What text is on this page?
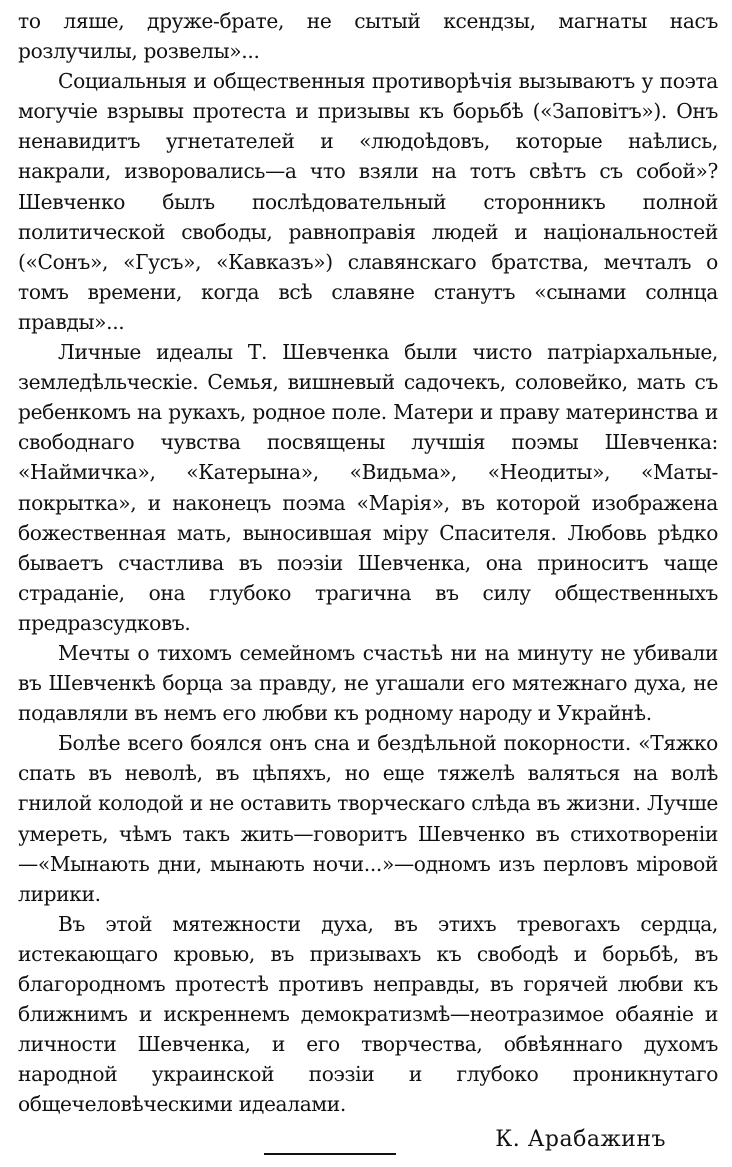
то ляше, друже-брате, не сытый ксендзы, магнаты насъ розлучилы, розвелы»...

Социальныя и общественныя противорѣчія вызываютъ у поэта могучіе взрывы протеста и призывы къ борьбѣ («Заповітъ»). Онъ ненавидитъ угнетателей и «людоѣдовъ, которые наѣлись, накрали, изворовались—а что взяли на тотъ свѣтъ съ собой»? Шевченко былъ послѣдовательный сторонникъ полной политической свободы, равноправія людей и національностей («Сонъ», «Гусъ», «Кавказъ») славянскаго братства, мечталъ о томъ времени, когда всѣ славяне станутъ «сынами солнца правды»...

Личные идеалы Т. Шевченка были чисто патріархальные, земледѣльческіе. Семья, вишневый садочекъ, соловейко, мать съ ребенкомъ на рукахъ, родное поле. Матери и праву материнства и свободнаго чувства посвящены лучшія поэмы Шевченка: «Наймичка», «Катерына», «Видьма», «Неодиты», «Маты-покрытка», и наконецъ поэма «Марія», въ которой изображена божественная мать, выносившая міру Спасителя. Любовь рѣдко бываетъ счастлива въ поэзіи Шевченка, она приноситъ чаще страданіе, она глубоко трагична въ силу общественныхъ предразсудковъ.

Мечты о тихомъ семейномъ счастьѣ ни на минуту не убивали въ Шевченкѣ борца за правду, не угашали его мятежнаго духа, не подавляли въ немъ его любви къ родному народу и Украйнѣ.

Болѣе всего боялся онъ сна и бездѣльной покорности. «Тяжко спать въ неволѣ, въ цѣпяхъ, но еще тяжелѣ валяться на волѣ гнилой колодой и не оставить творческаго слѣда въ жизни. Лучше умереть, чѣмъ такъ жить—говоритъ Шевченко въ стихотвореніи—«Мынають дни, мынають ночи...»—одномъ изъ перловъ міровой лирики.

Въ этой мятежности духа, въ этихъ тревогахъ сердца, истекающаго кровью, въ призывахъ къ свободѣ и борьбѣ, въ благородномъ протестѣ противъ неправды, въ горячей любви къ ближнимъ и искреннемъ демократизмѣ—неотразимое обаяніе и личности Шевченка, и его творчества, обвѣяннаго духомъ народной украинской поэзіи и глубоко проникнутаго общечеловѣческими идеалами.

К. Арабажинъ
